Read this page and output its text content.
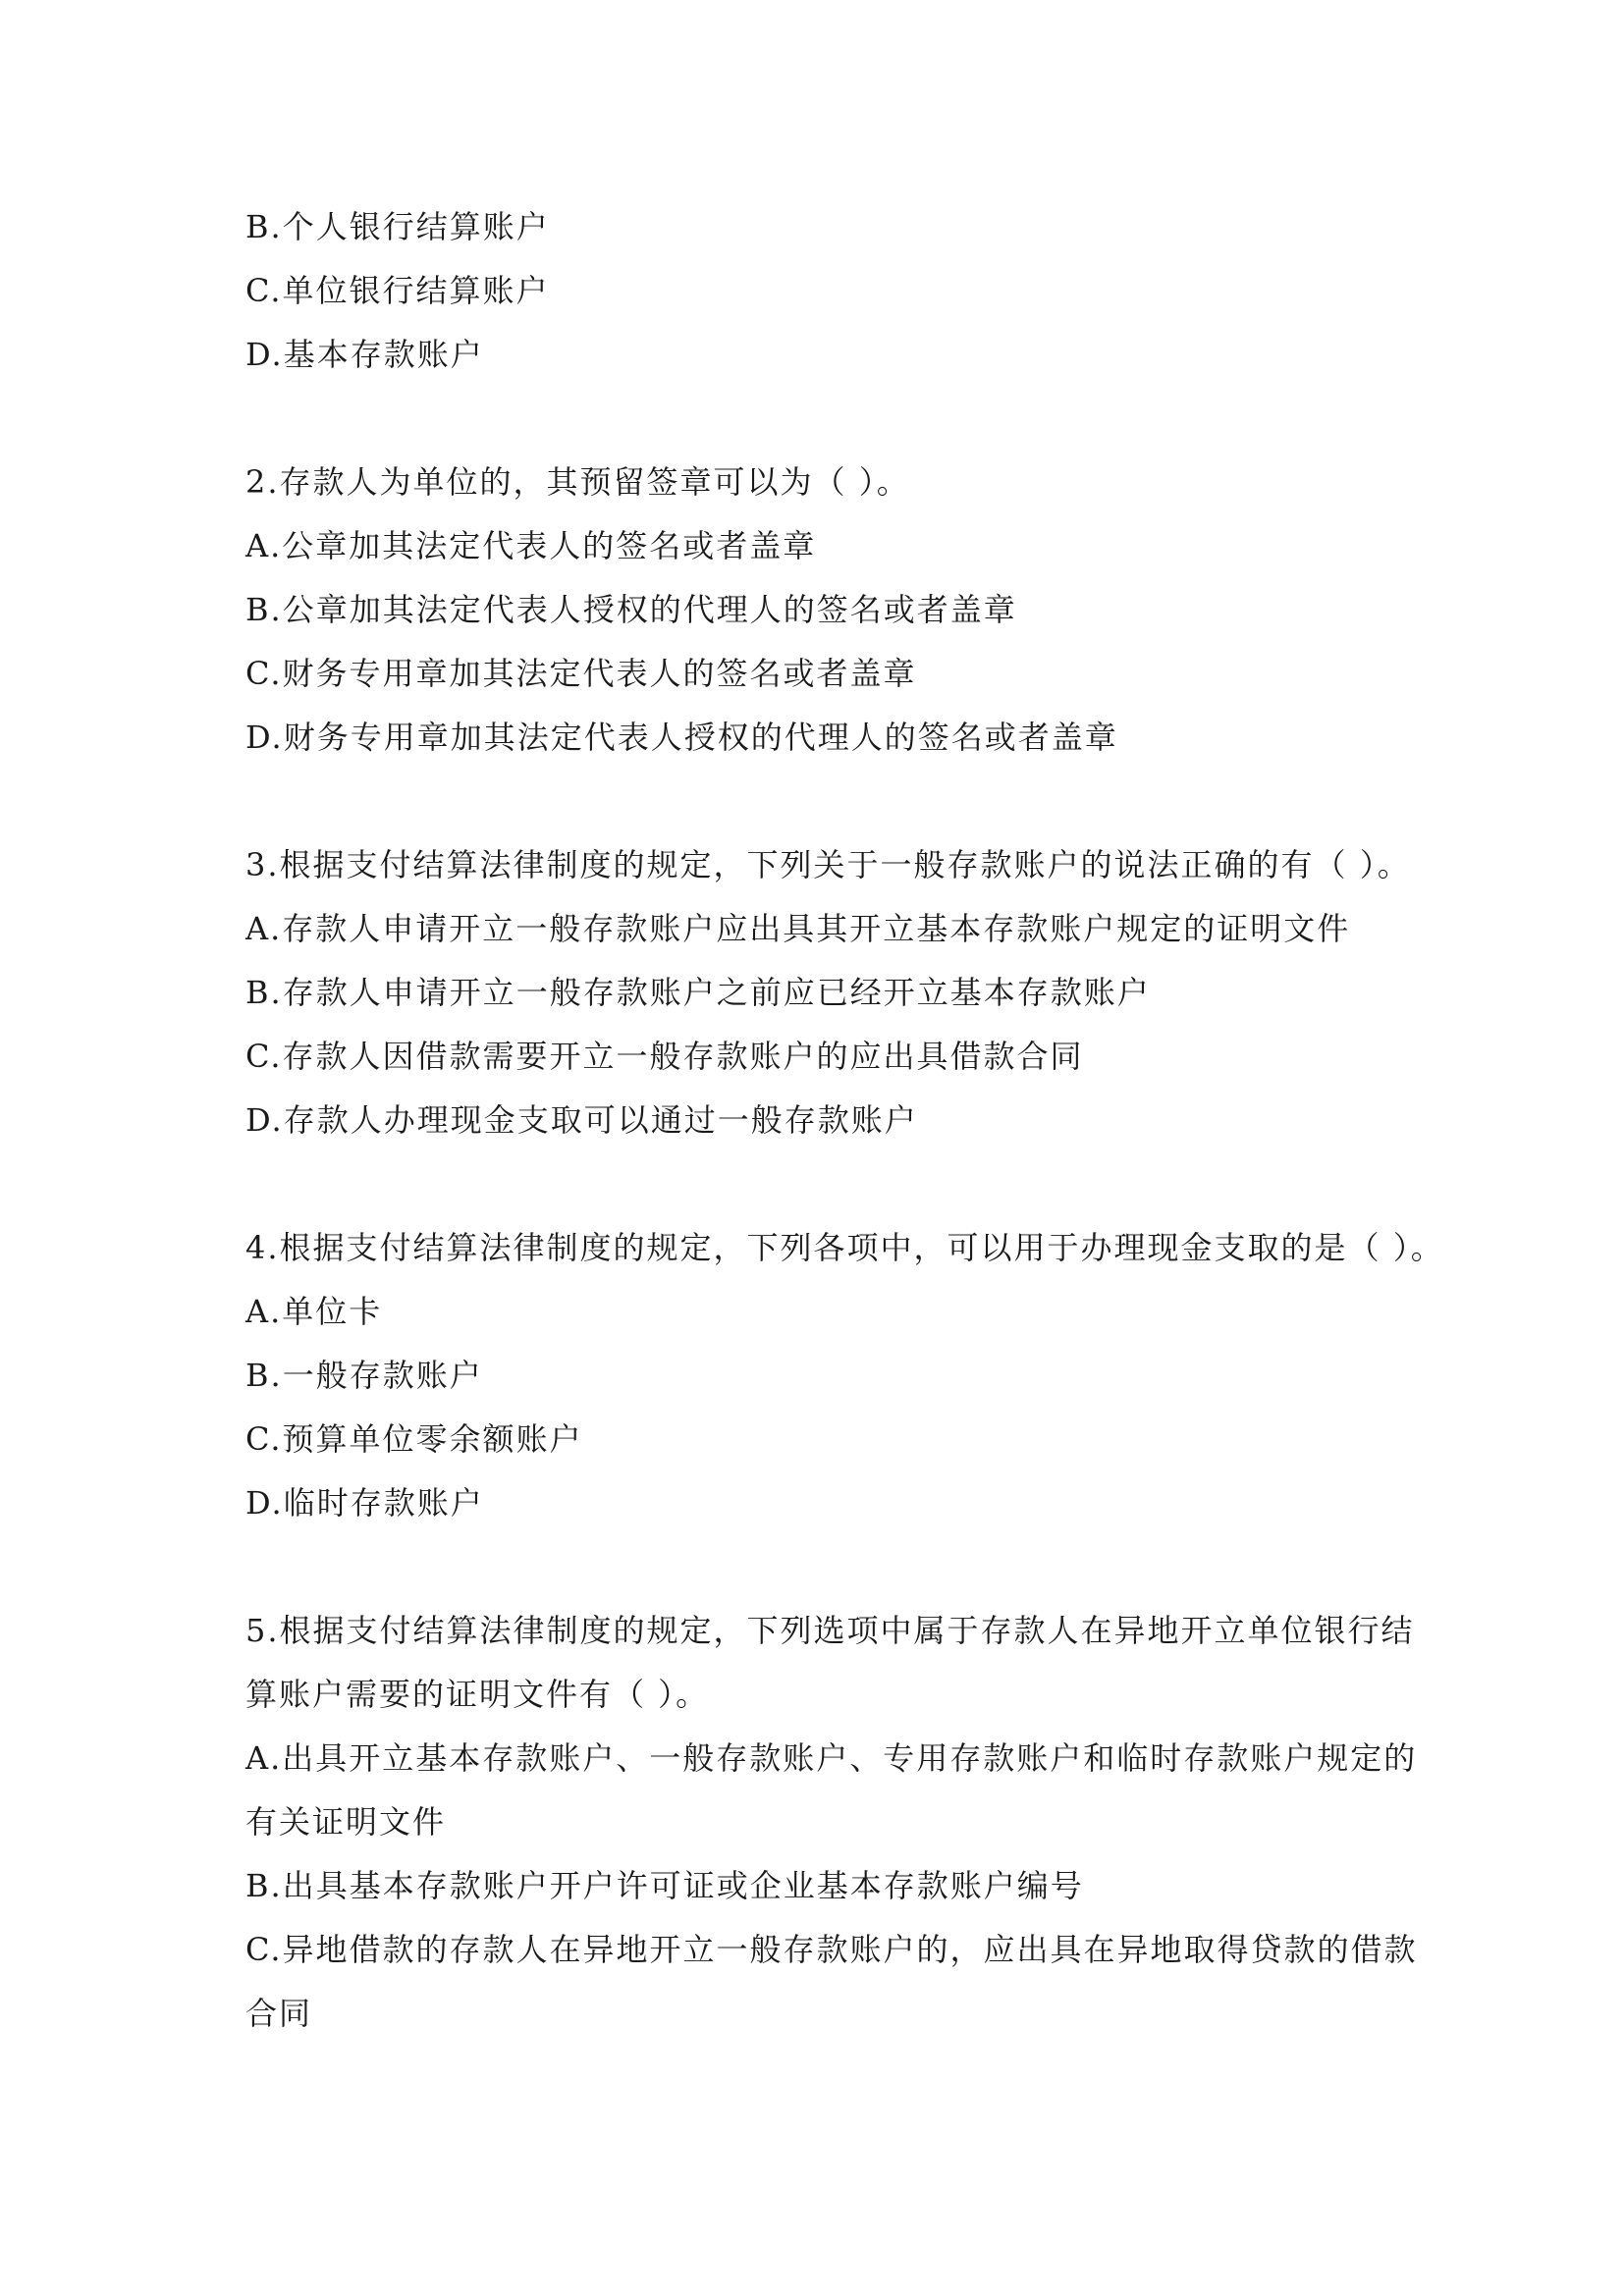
B.个人银行结算账户
C.单位银行结算账户
D.基本存款账户
2.存款人为单位的，其预留签章可以为（ ）。
A.公章加其法定代表人的签名或者盖章
B.公章加其法定代表人授权的代理人的签名或者盖章
C.财务专用章加其法定代表人的签名或者盖章
D.财务专用章加其法定代表人授权的代理人的签名或者盖章
3.根据支付结算法律制度的规定，下列关于一般存款账户的说法正确的有（ ）。
A.存款人申请开立一般存款账户应出具其开立基本存款账户规定的证明文件
B.存款人申请开立一般存款账户之前应已经开立基本存款账户
C.存款人因借款需要开立一般存款账户的应出具借款合同
D.存款人办理现金支取可以通过一般存款账户
4.根据支付结算法律制度的规定，下列各项中，可以用于办理现金支取的是（ ）。
A.单位卡
B.一般存款账户
C.预算单位零余额账户
D.临时存款账户
5.根据支付结算法律制度的规定，下列选项中属于存款人在异地开立单位银行结
算账户需要的证明文件有（ ）。
A.出具开立基本存款账户、一般存款账户、专用存款账户和临时存款账户规定的
有关证明文件
B.出具基本存款账户开户许可证或企业基本存款账户编号
C.异地借款的存款人在异地开立一般存款账户的，应出具在异地取得贷款的借款
合同
